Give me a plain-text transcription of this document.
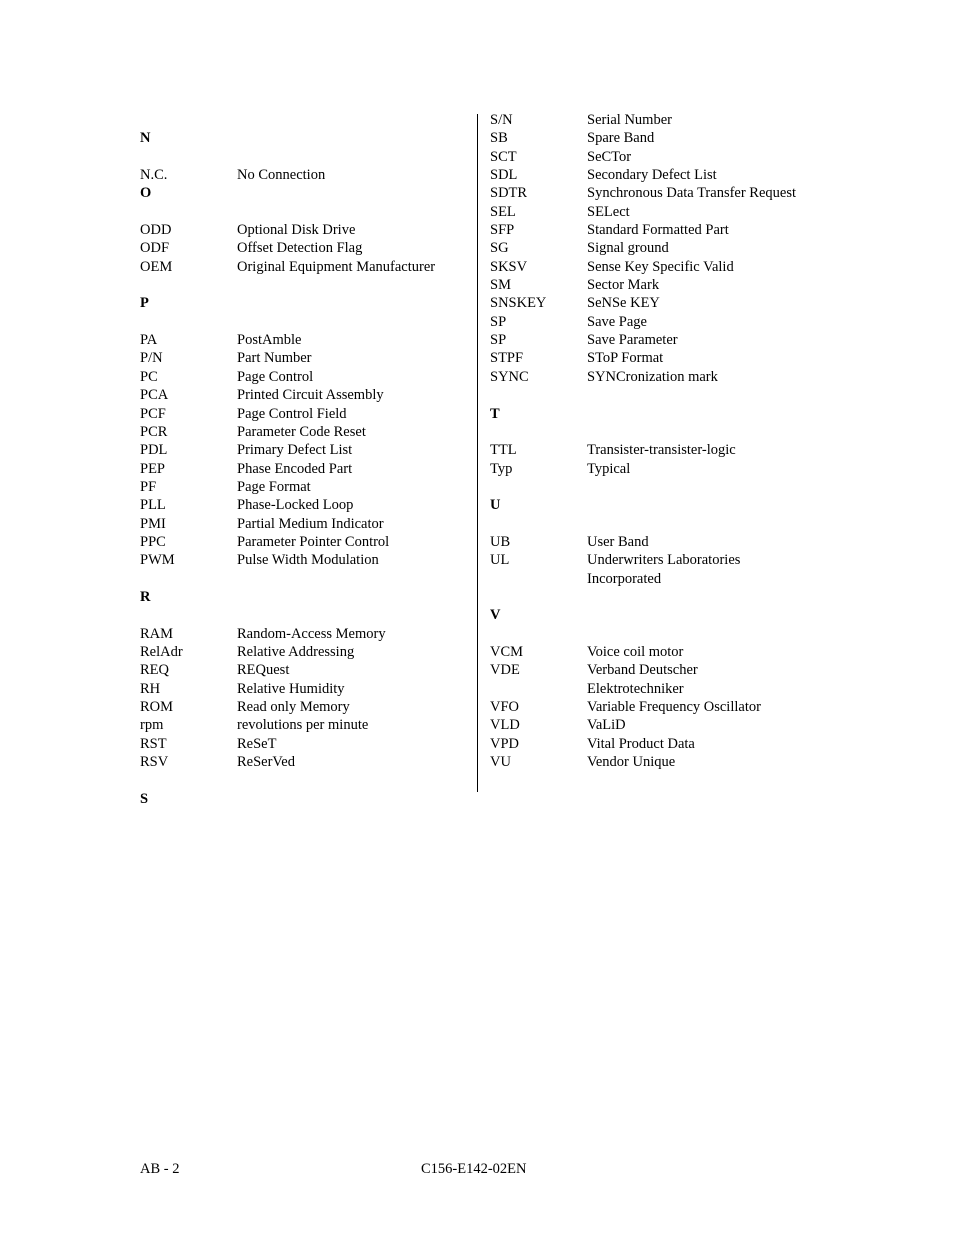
N
N.C.	No Connection
O
ODD	Optional Disk Drive
ODF	Offset Detection Flag
OEM	Original Equipment Manufacturer
P
PA	PostAmble
P/N	Part Number
PC	Page Control
PCA	Printed Circuit Assembly
PCF	Page Control Field
PCR	Parameter Code Reset
PDL	Primary Defect List
PEP	Phase Encoded Part
PF	Page Format
PLL	Phase-Locked Loop
PMI	Partial Medium Indicator
PPC	Parameter Pointer Control
PWM	Pulse Width Modulation
R
RAM	Random-Access Memory
RelAdr	Relative Addressing
REQ	REQuest
RH	Relative Humidity
ROM	Read only Memory
rpm	revolutions per minute
RST	ReSeT
RSV	ReSerVed
S
S/N	Serial Number
SB	Spare Band
SCT	SeCTor
SDL	Secondary Defect List
SDTR	Synchronous Data Transfer Request
SEL	SELect
SFP	Standard Formatted Part
SG	Signal ground
SKSV	Sense Key Specific Valid
SM	Sector Mark
SNSKEY	SeNSe KEY
SP	Save Page
SP	Save Parameter
STPF	SToP Format
SYNC	SYNCronization mark
T
TTL	Transister-transister-logic
Typ	Typical
U
UB	User Band
UL	Underwriters Laboratories
Incorporated
V
VCM	Voice coil motor
VDE	Verband Deutscher
Elektrotechniker
VFO	Variable Frequency Oscillator
VLD	VaLiD
VPD	Vital Product Data
VU	Vendor Unique
AB - 2	C156-E142-02EN
